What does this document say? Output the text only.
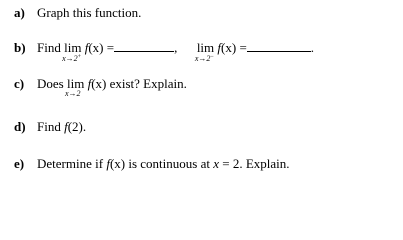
a) Graph this function.
b) Find lim
x→2+
f(x) =	, lim
x→2−
f(x) =	.
c) Does lim
x→2
f(x) exist? Explain.
d) Find f(2).
e) Determine if f(x) is continuous at x = 2. Explain.
